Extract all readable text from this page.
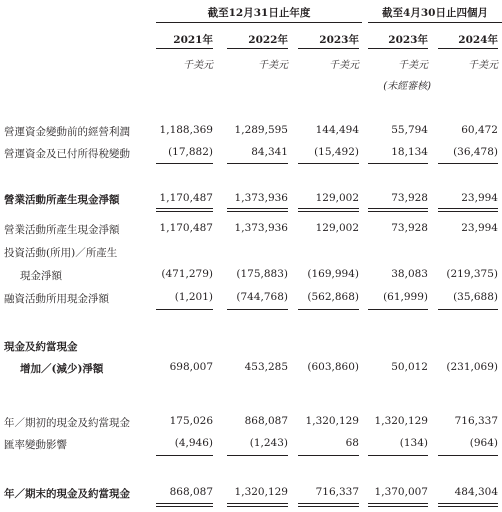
截至12月31日止年度	截至4月30日止四個月
2021年	2022年	2023年	2023年	2024年
千美元	千美元	千美元	千美元	千美元
(未經審核)
營運資金變動前的經營利潤	1,188,369 1,289,595	144,494	55,794	60,472
營運資金及已付所得稅變動	(17,882)	84,341 (15,492)	18,134 (36,478)
營業活動所產生現金淨額	1,170,487 1,373,936	129,002	73,928	23,994
營業活動所產生現金淨額	1,170,487 1,373,936	129,002	73,928	23,994
投資活動(所用)／所產生
現金淨額	(471,279) (175,883) (169,994)	38,083 (219,375)
融資活動所用現金淨額	(1,201) (744,768) (562,868) (61,999) (35,688)
現金及約當現金
增加／(減少)淨額	698,007	453,285 (603,860)	50,012 (231,069)
年／期初的現金及約當現金	175,026	868,087 1,320,129 1,320,129	716,337
匯率變動影響	(4,946)	(1,243)	68	(134)	(964)
年／期末的現金及約當現金	868,087 1,320,129	716,337 1,370,007	484,304
